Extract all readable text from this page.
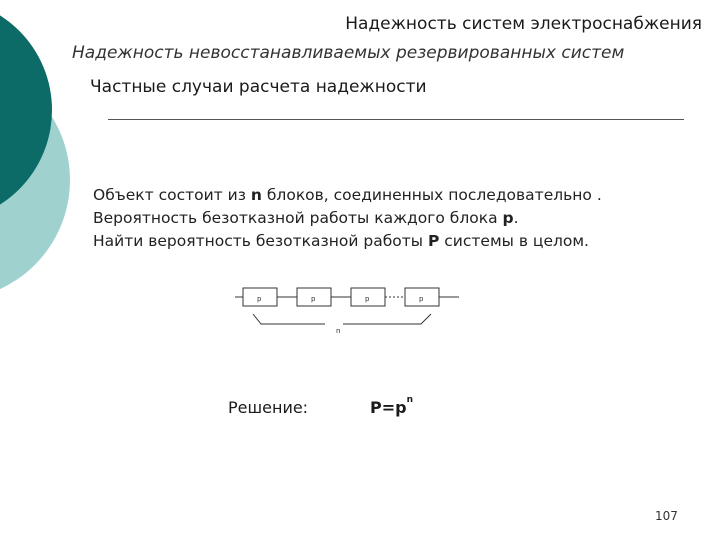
Надежность систем электроснабжения
Надежность невосстанавливаемых резервированных систем
Частные случаи расчета надежности

Объект состоит из n блоков, соединенных последовательно .

Вероятность безотказной работы каждого блока p.

Найти вероятность безотказной работы P системы в целом.

p	p	p	p
n
Решение:	$P=p^n$
107
